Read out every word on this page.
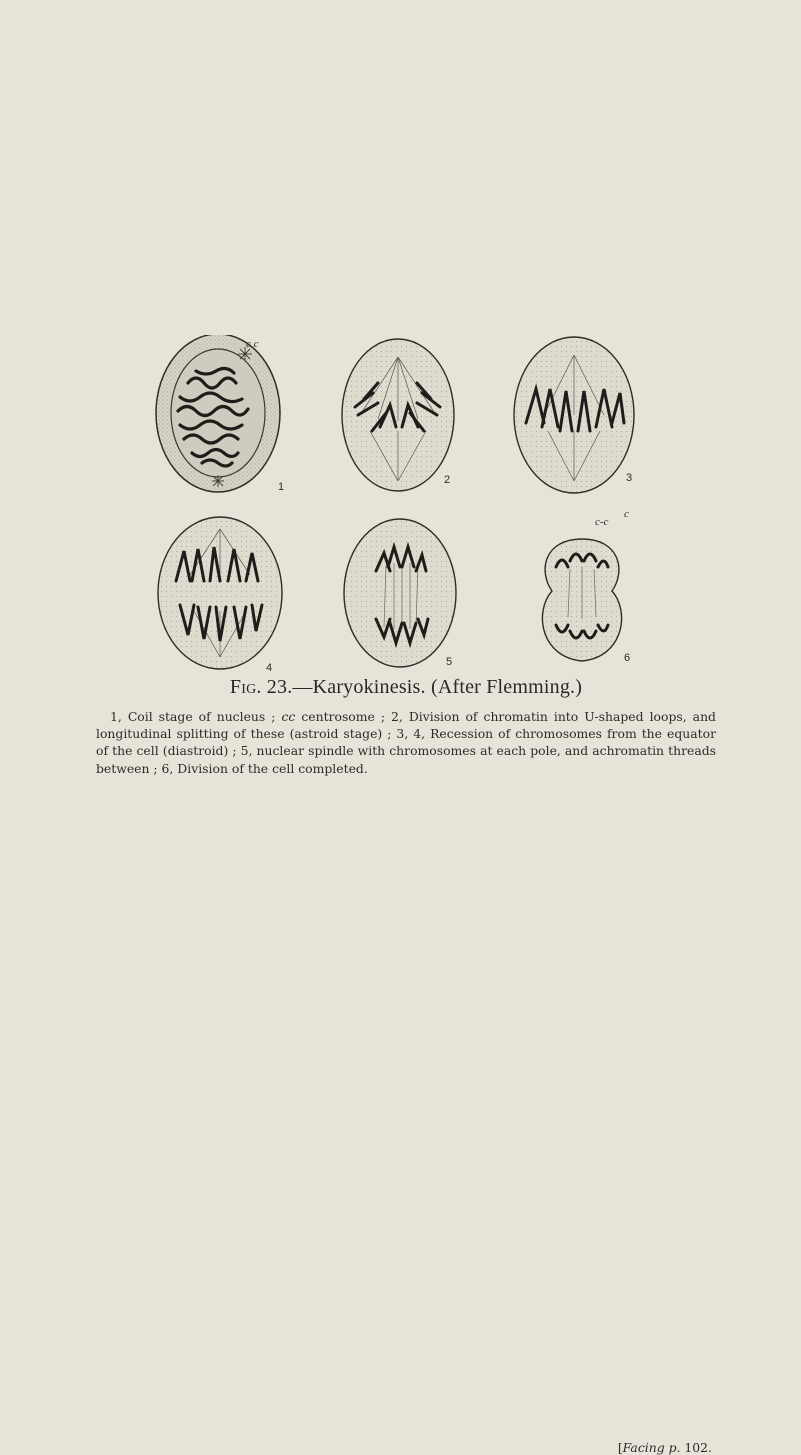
c c
1
2
c
3
4	5
c-c
6
Fig. 23.—Karyokinesis. (After Flemming.)

1, Coil stage of nucleus ; cc centrosome ; 2, Division of chromatin into U-shaped loops, and longitudinal splitting of these (astroid stage) ; 3, 4, Recession of chromosomes from the equator of the cell (diastroid) ; 5, nuclear spindle with chromosomes at each pole, and achromatin threads between ; 6, Division of the cell completed.

[Facing p. 102.
